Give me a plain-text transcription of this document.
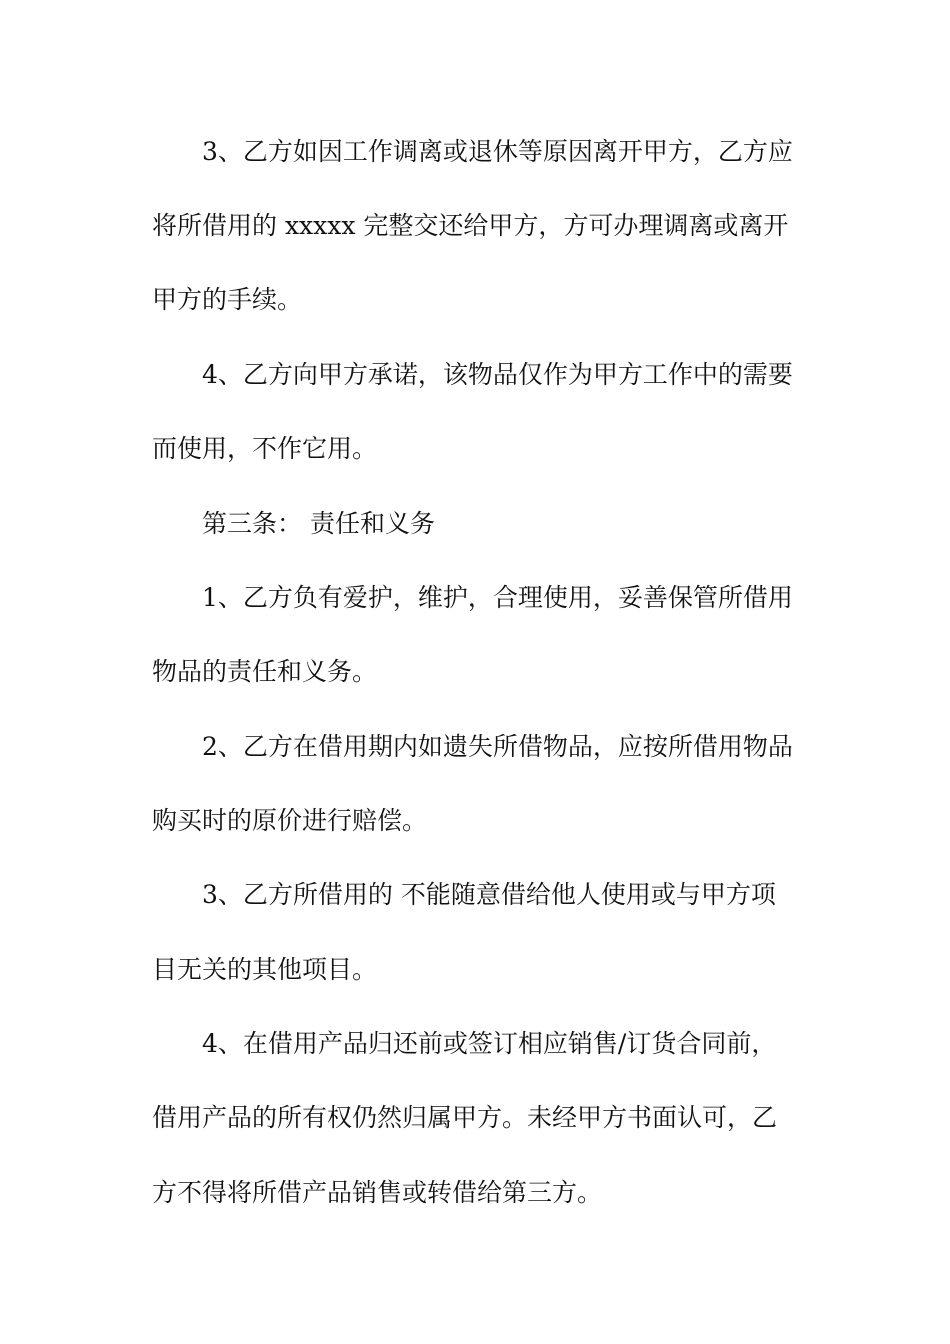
3、乙方如因工作调离或退休等原因离开甲方，乙方应
将所借用的 xxxxx 完整交还给甲方，方可办理调离或离开
甲方的手续。
4、乙方向甲方承诺，该物品仅作为甲方工作中的需要
而使用，不作它用。
第三条： 责任和义务
1、乙方负有爱护，维护，合理使用，妥善保管所借用
物品的责任和义务。
2、乙方在借用期内如遗失所借物品，应按所借用物品
购买时的原价进行赔偿。
3、乙方所借用的 不能随意借给他人使用或与甲方项
目无关的其他项目。
4、在借用产品归还前或签订相应销售/订货合同前，
借用产品的所有权仍然归属甲方。未经甲方书面认可，乙
方不得将所借产品销售或转借给第三方。
